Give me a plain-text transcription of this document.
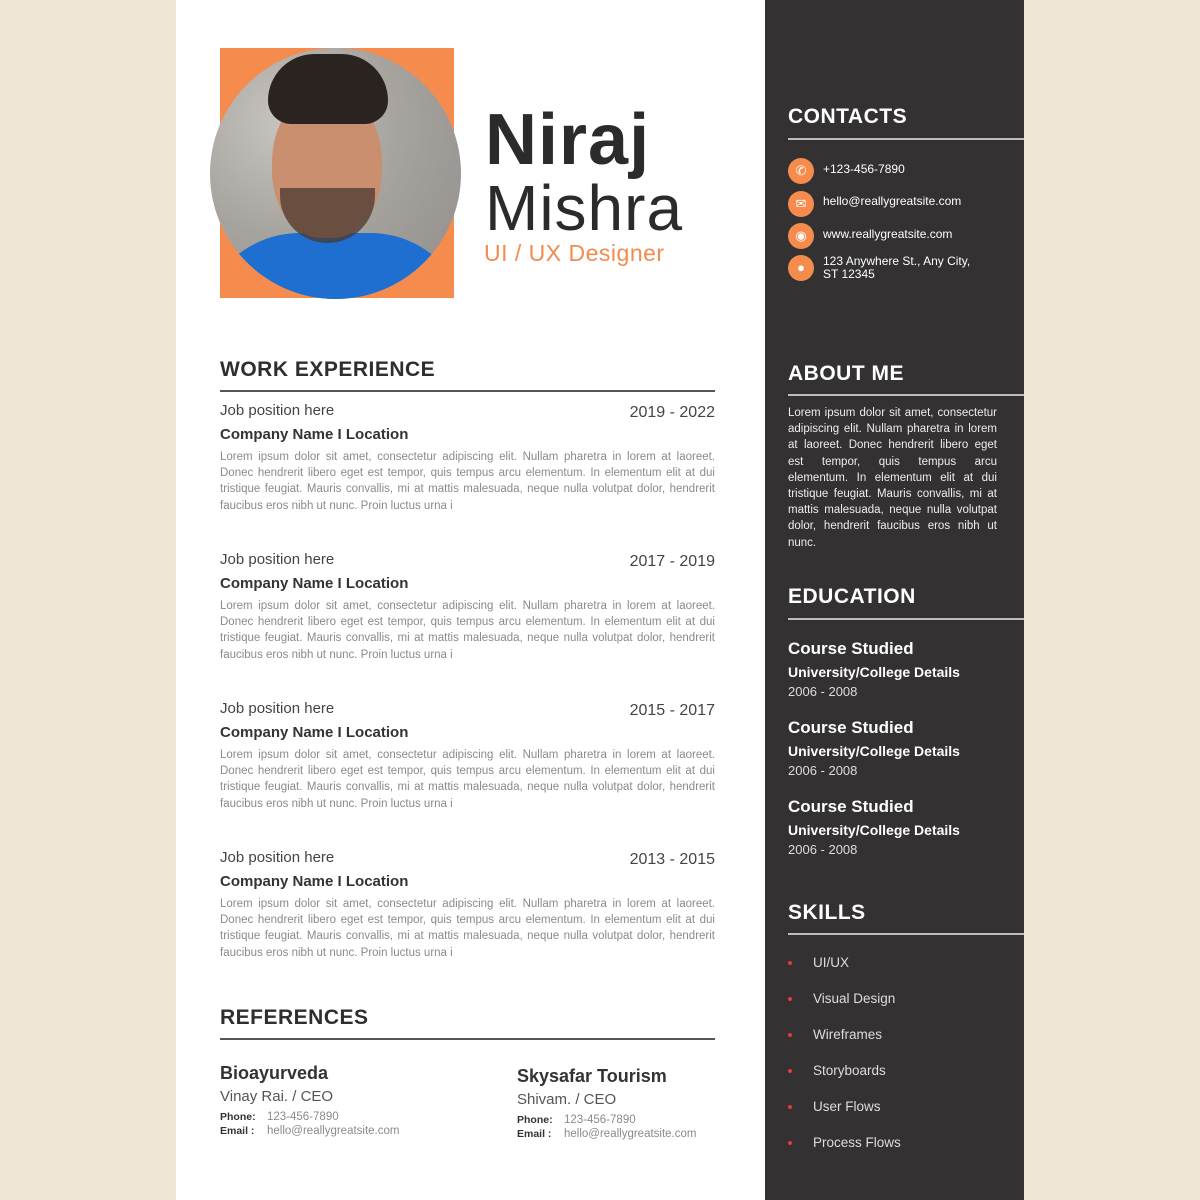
Niraj
Mishra
UI / UX Designer
WORK EXPERIENCE
Job position here	2019 - 2022
Company Name I Location
Lorem ipsum dolor sit amet, consectetur adipiscing elit. Nullam pharetra in lorem at laoreet. Donec hendrerit libero eget est tempor, quis tempus arcu elementum. In elementum elit at dui tristique feugiat. Mauris convallis, mi at mattis malesuada, neque nulla volutpat dolor, hendrerit faucibus eros nibh ut nunc. Proin luctus urna i
Job position here	2017 - 2019
Company Name I Location
Lorem ipsum dolor sit amet, consectetur adipiscing elit. Nullam pharetra in lorem at laoreet. Donec hendrerit libero eget est tempor, quis tempus arcu elementum. In elementum elit at dui tristique feugiat. Mauris convallis, mi at mattis malesuada, neque nulla volutpat dolor, hendrerit faucibus eros nibh ut nunc. Proin luctus urna i
Job position here	2015 - 2017
Company Name I Location
Lorem ipsum dolor sit amet, consectetur adipiscing elit. Nullam pharetra in lorem at laoreet. Donec hendrerit libero eget est tempor, quis tempus arcu elementum. In elementum elit at dui tristique feugiat. Mauris convallis, mi at mattis malesuada, neque nulla volutpat dolor, hendrerit faucibus eros nibh ut nunc. Proin luctus urna i
Job position here	2013 - 2015
Company Name I Location
Lorem ipsum dolor sit amet, consectetur adipiscing elit. Nullam pharetra in lorem at laoreet. Donec hendrerit libero eget est tempor, quis tempus arcu elementum. In elementum elit at dui tristique feugiat. Mauris convallis, mi at mattis malesuada, neque nulla volutpat dolor, hendrerit faucibus eros nibh ut nunc. Proin luctus urna i
REFERENCES
Bioayurveda
Vinay Rai. / CEO
Phone: 123-456-7890
Email : hello@reallygreatsite.com
Skysafar Tourism
Shivam. / CEO
Phone: 123-456-7890
Email : hello@reallygreatsite.com
CONTACTS
✆	+123-456-7890
✉	hello@reallygreatsite.com
◉	www.reallygreatsite.com
●	123 Anywhere St., Any City,
ST 12345
ABOUT ME
Lorem ipsum dolor sit amet, consectetur adipiscing elit. Nullam pharetra in lorem at laoreet. Donec hendrerit libero eget est tempor, quis tempus arcu elementum. In elementum elit at dui tristique feugiat. Mauris convallis, mi at mattis malesuada, neque nulla volutpat dolor, hendrerit faucibus eros nibh ut nunc.
EDUCATION
Course Studied
University/College Details
2006 - 2008
Course Studied
University/College Details
2006 - 2008
Course Studied
University/College Details
2006 - 2008
SKILLS
UI/UX
Visual Design
Wireframes
Storyboards
User Flows
Process Flows
